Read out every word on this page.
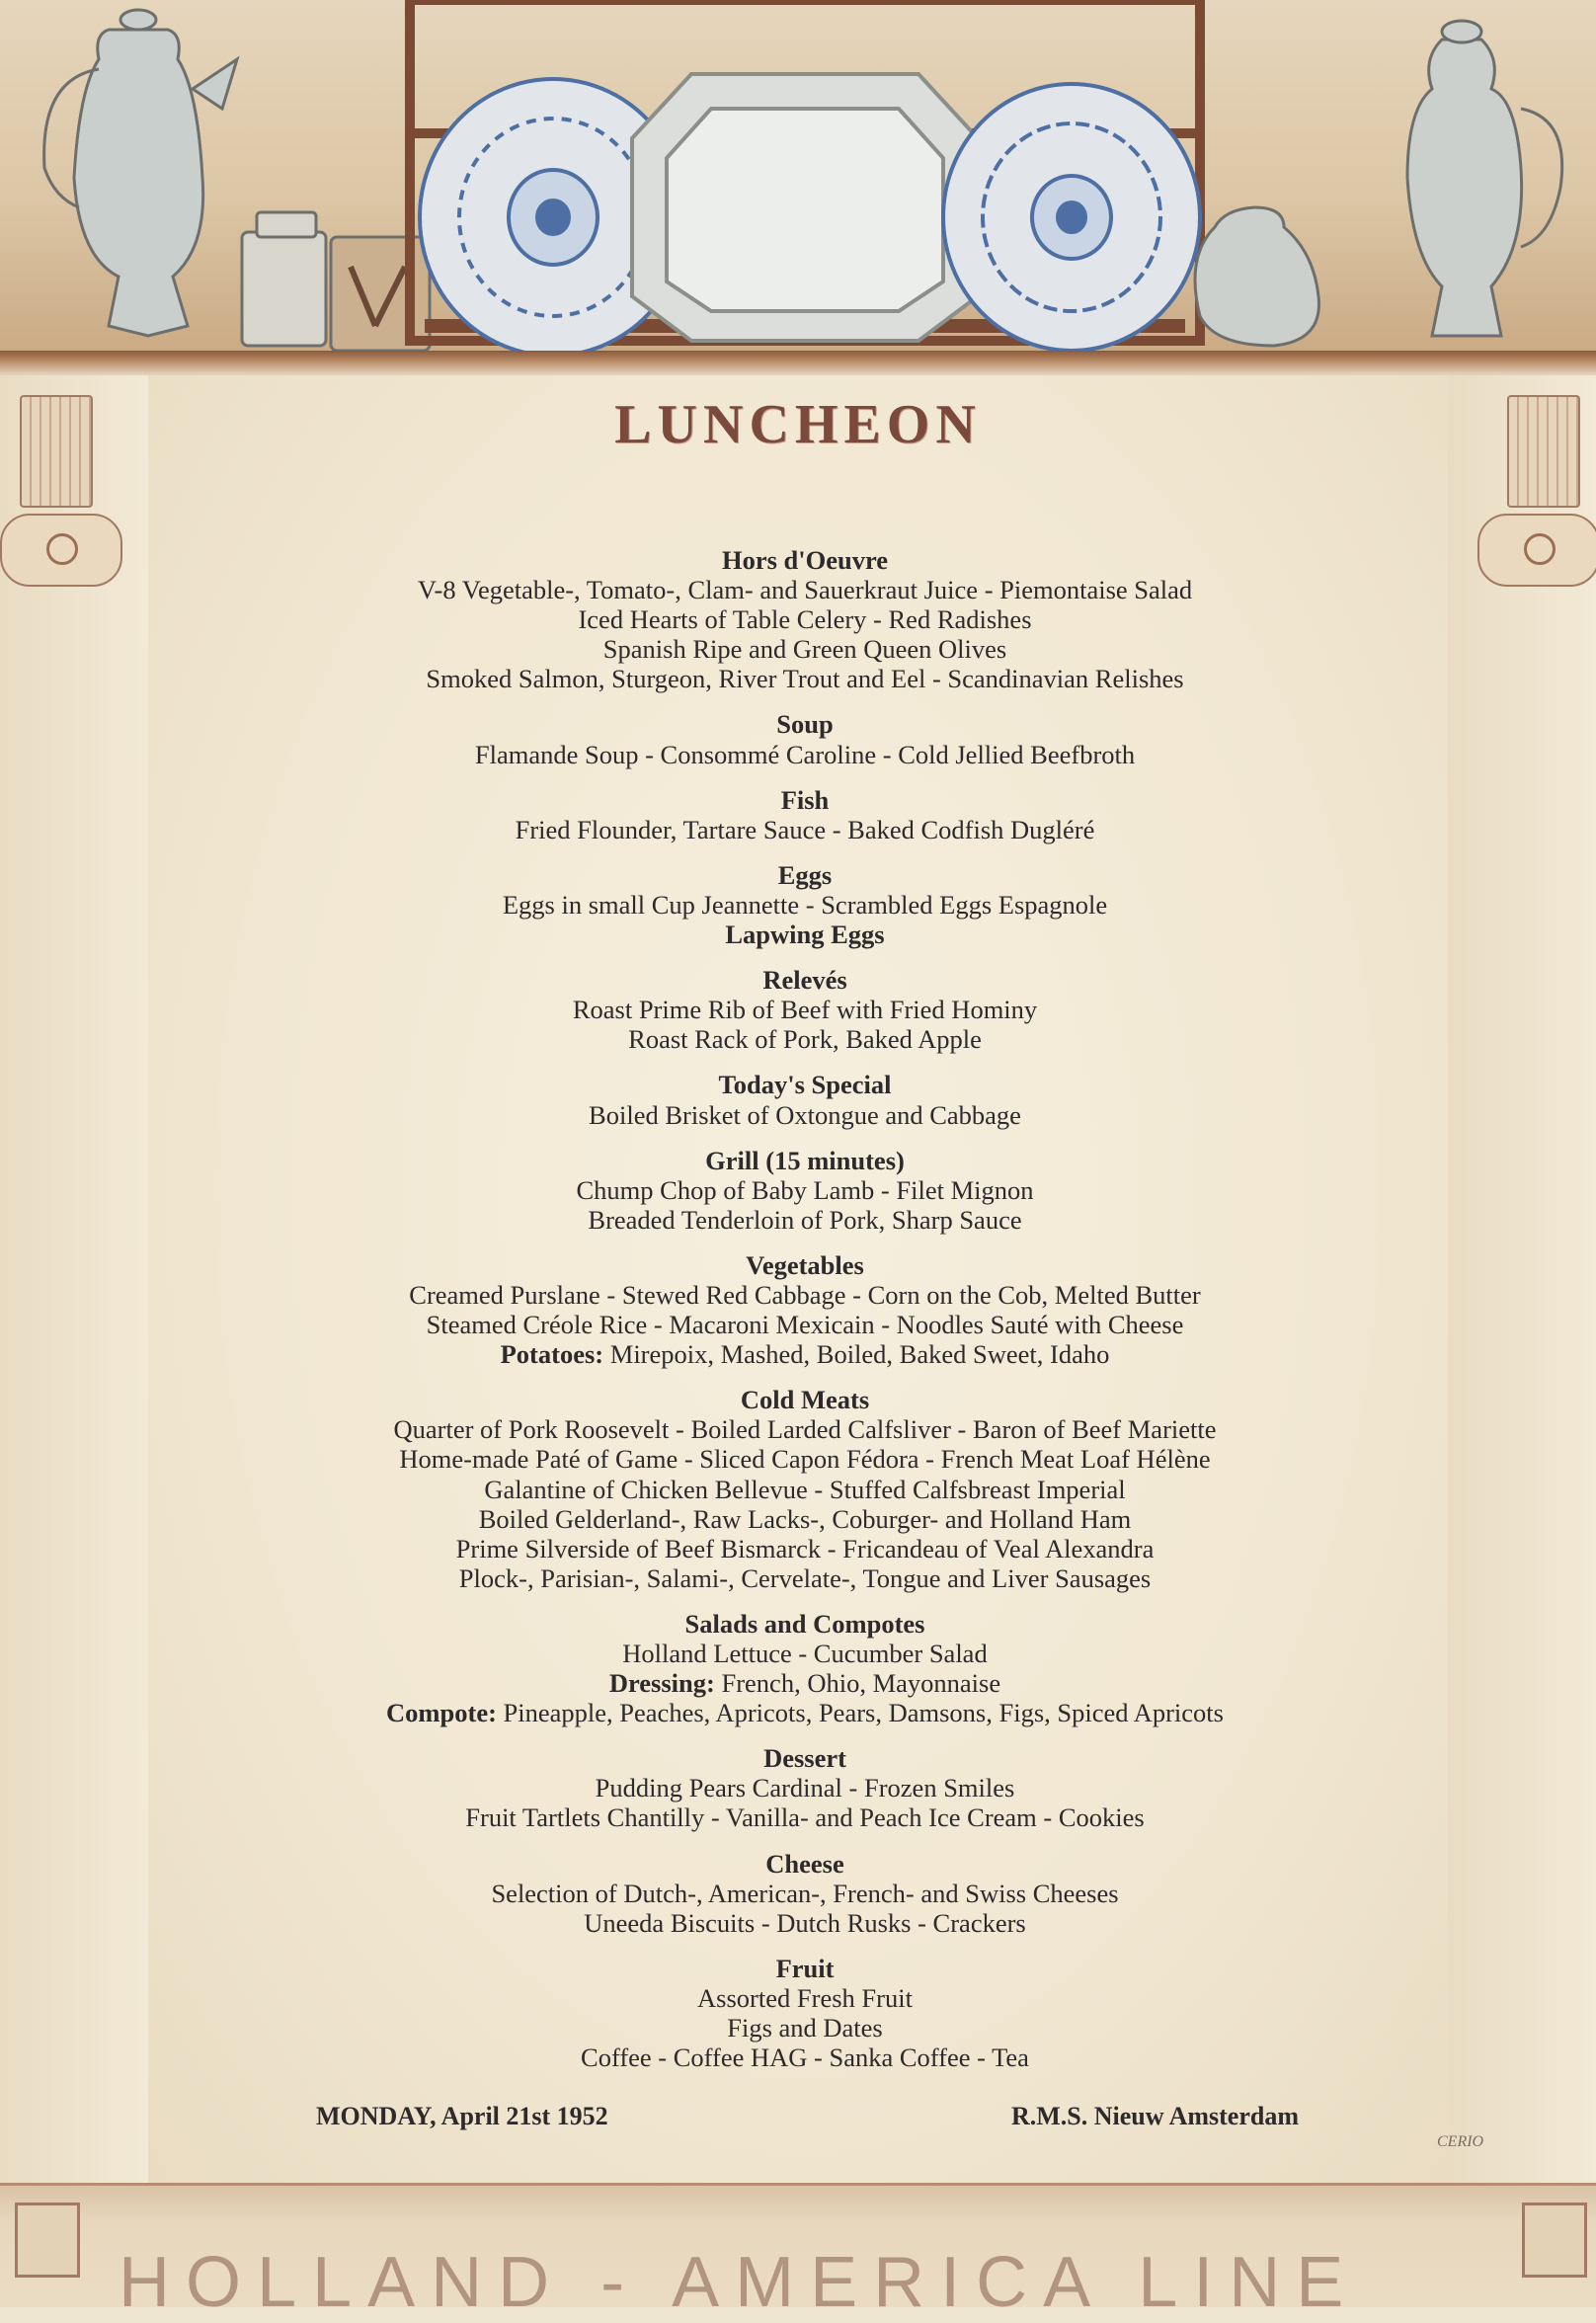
LUNCHEON
Hors d'Oeuvre
V-8 Vegetable-, Tomato-, Clam- and Sauerkraut Juice - Piemontaise Salad
Iced Hearts of Table Celery - Red Radishes
Spanish Ripe and Green Queen Olives
Smoked Salmon, Sturgeon, River Trout and Eel - Scandinavian Relishes
Soup
Flamande Soup - Consommé Caroline - Cold Jellied Beefbroth
Fish
Fried Flounder, Tartare Sauce - Baked Codfish Dugléré
Eggs
Eggs in small Cup Jeannette - Scrambled Eggs Espagnole
Lapwing Eggs
Relevés
Roast Prime Rib of Beef with Fried Hominy
Roast Rack of Pork, Baked Apple
Today's Special
Boiled Brisket of Oxtongue and Cabbage
Grill (15 minutes)
Chump Chop of Baby Lamb - Filet Mignon
Breaded Tenderloin of Pork, Sharp Sauce
Vegetables
Creamed Purslane - Stewed Red Cabbage - Corn on the Cob, Melted Butter
Steamed Créole Rice - Macaroni Mexicain - Noodles Sauté with Cheese
Potatoes: Mirepoix, Mashed, Boiled, Baked Sweet, Idaho
Cold Meats
Quarter of Pork Roosevelt - Boiled Larded Calfsliver - Baron of Beef Mariette
Home-made Paté of Game - Sliced Capon Fédora - French Meat Loaf Hélène
Galantine of Chicken Bellevue - Stuffed Calfsbreast Imperial
Boiled Gelderland-, Raw Lacks-, Coburger- and Holland Ham
Prime Silverside of Beef Bismarck - Fricandeau of Veal Alexandra
Plock-, Parisian-, Salami-, Cervelate-, Tongue and Liver Sausages
Salads and Compotes
Holland Lettuce - Cucumber Salad
Dressing: French, Ohio, Mayonnaise
Compote: Pineapple, Peaches, Apricots, Pears, Damsons, Figs, Spiced Apricots
Dessert
Pudding Pears Cardinal - Frozen Smiles
Fruit Tartlets Chantilly - Vanilla- and Peach Ice Cream - Cookies
Cheese
Selection of Dutch-, American-, French- and Swiss Cheeses
Uneeda Biscuits - Dutch Rusks - Crackers
Fruit
Assorted Fresh Fruit
Figs and Dates
Coffee - Coffee HAG - Sanka Coffee - Tea
MONDAY, April 21st 1952	R.M.S. Nieuw Amsterdam
CERIO
HOLLAND - AMERICA LINE
